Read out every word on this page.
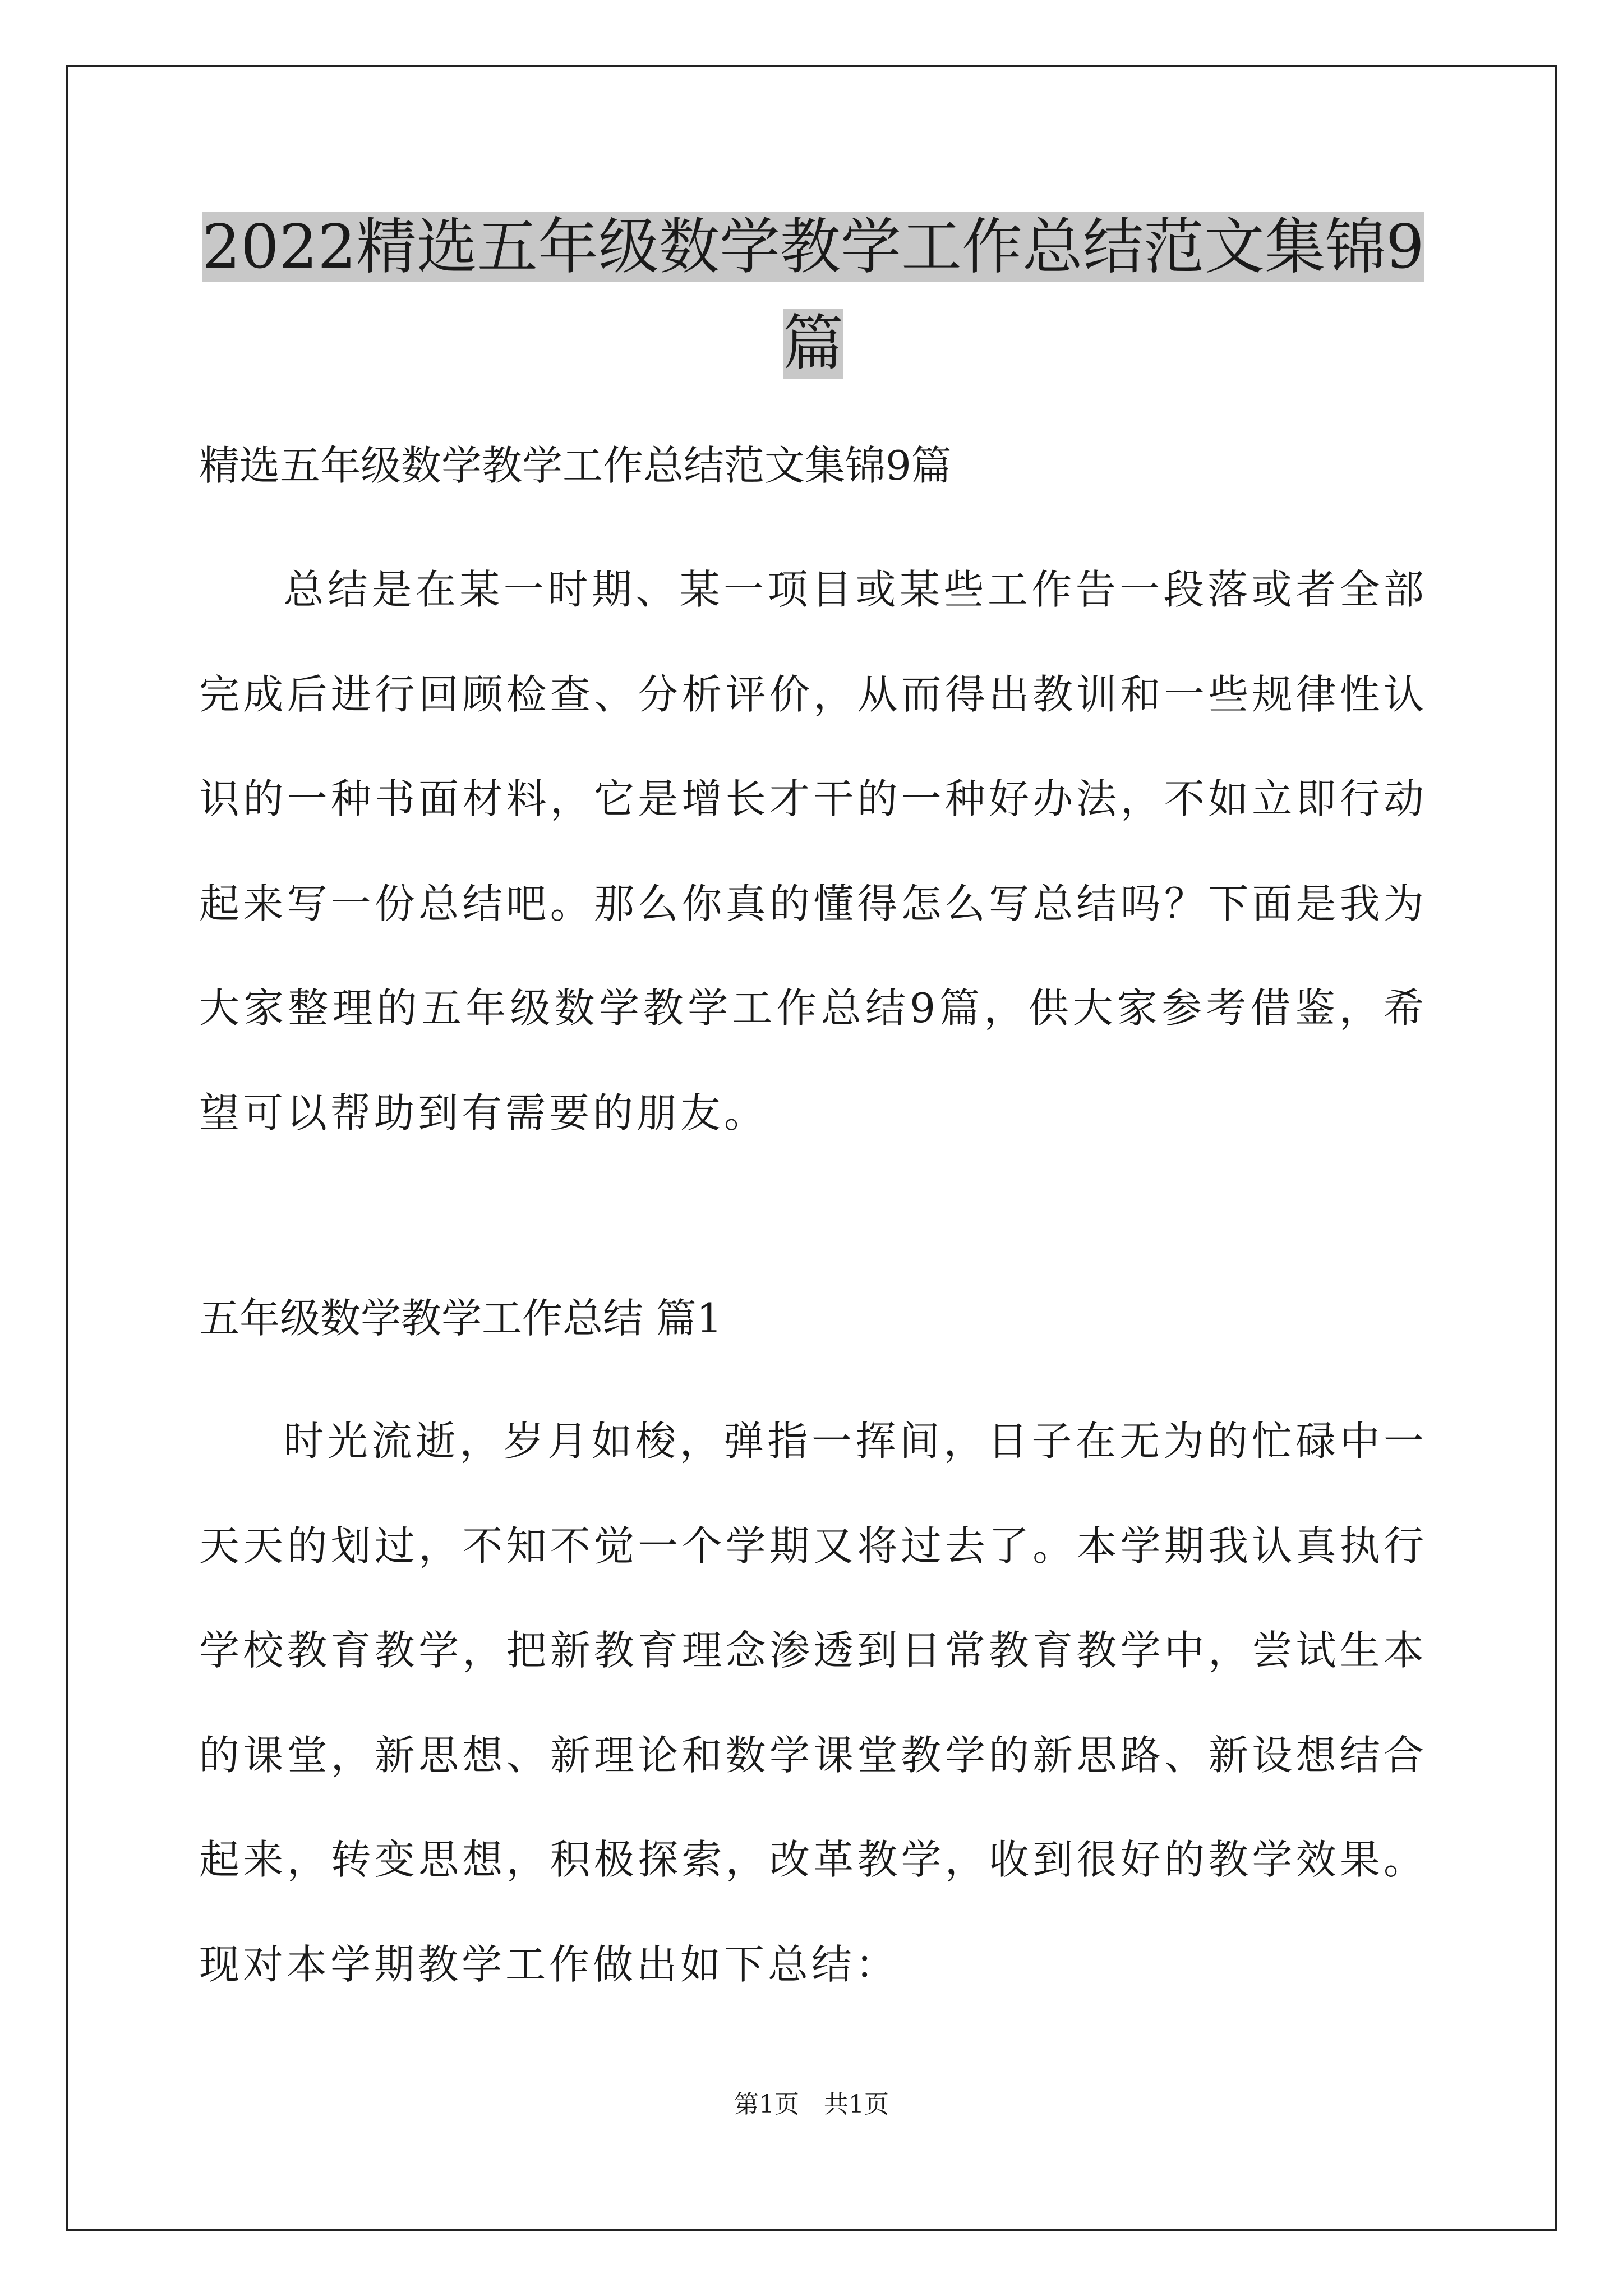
2022精选五年级数学教学工作总结范文集锦9篇
精选五年级数学教学工作总结范文集锦9篇
总结是在某一时期、某一项目或某些工作告一段落或者全部完成后进行回顾检查、分析评价，从而得出教训和一些规律性认识的一种书面材料，它是增长才干的一种好办法，不如立即行动起来写一份总结吧。那么你真的懂得怎么写总结吗？下面是我为大家整理的五年级数学教学工作总结9篇，供大家参考借鉴，希望可以帮助到有需要的朋友。
五年级数学教学工作总结 篇1
时光流逝，岁月如梭，弹指一挥间，日子在无为的忙碌中一天天的划过，不知不觉一个学期又将过去了。本学期我认真执行学校教育教学，把新教育理念渗透到日常教育教学中，尝试生本的课堂，新思想、新理论和数学课堂教学的新思路、新设想结合起来，转变思想，积极探索，改革教学，收到很好的教学效果。现对本学期教学工作做出如下总结：
第1页　共1页
